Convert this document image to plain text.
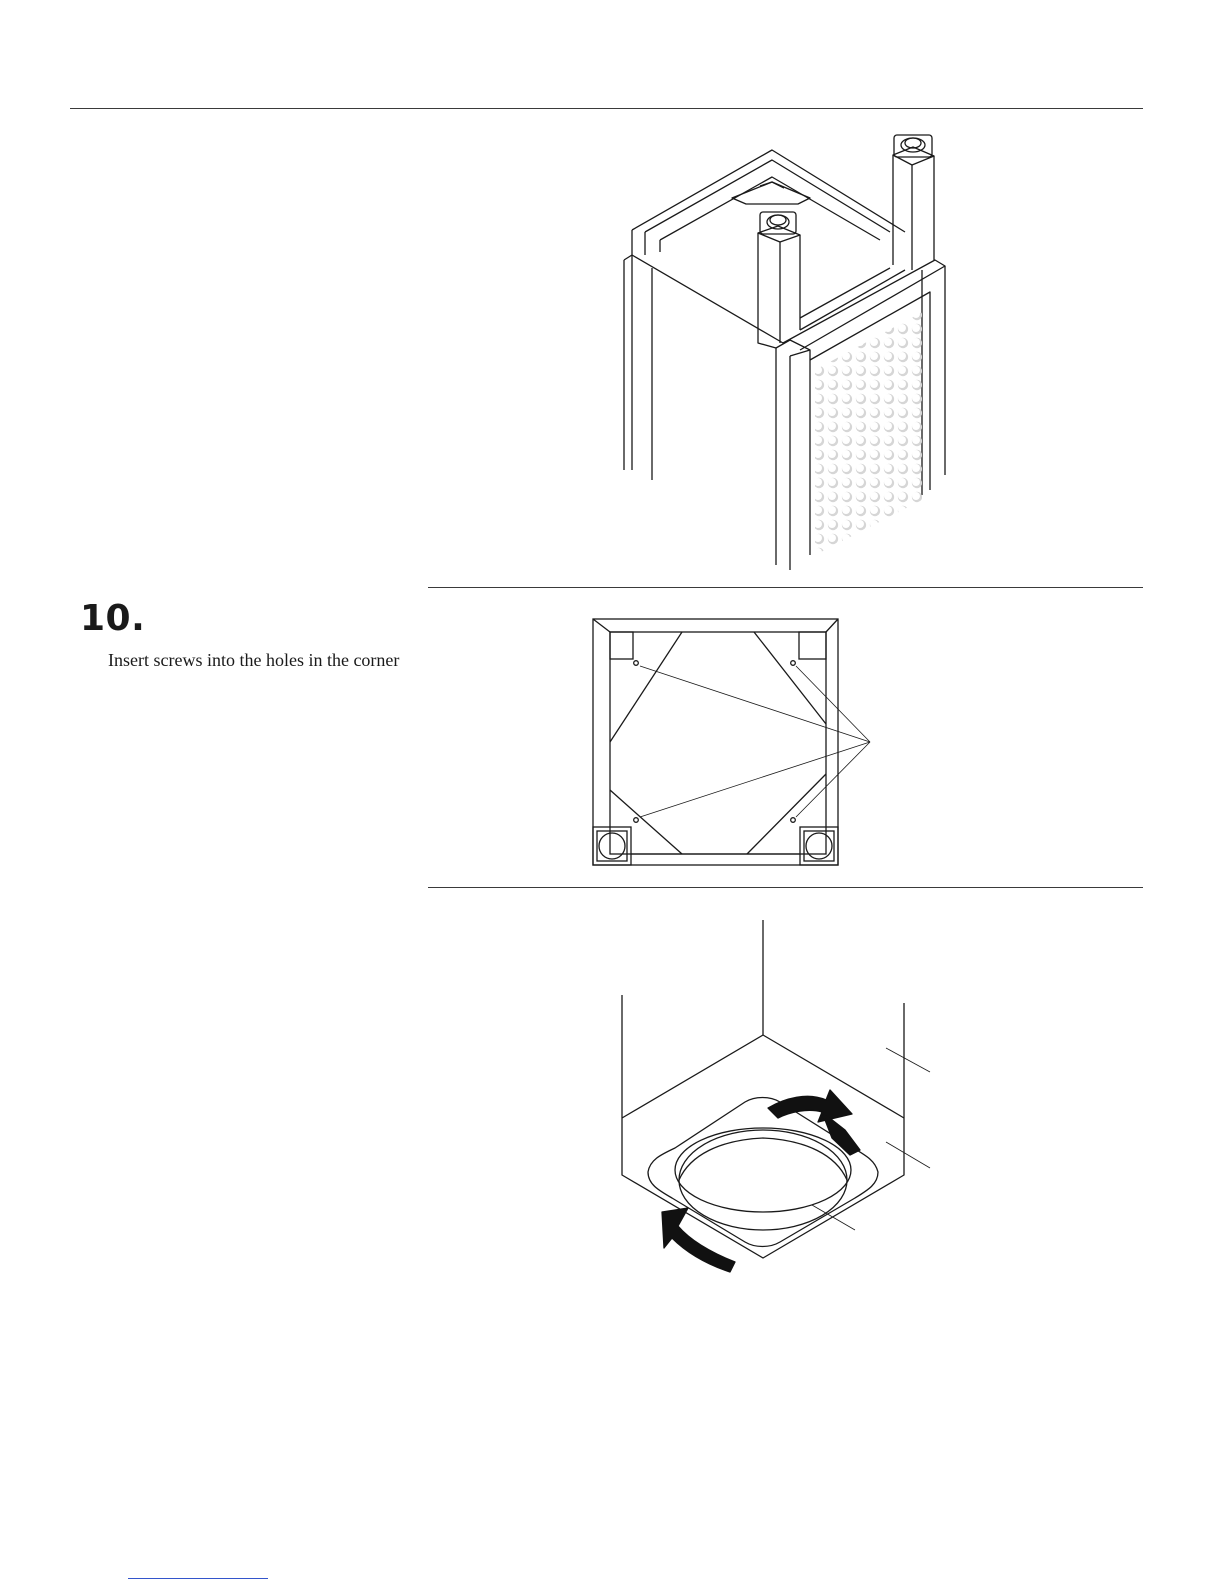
10.

Insert screws into the holes in the corner
